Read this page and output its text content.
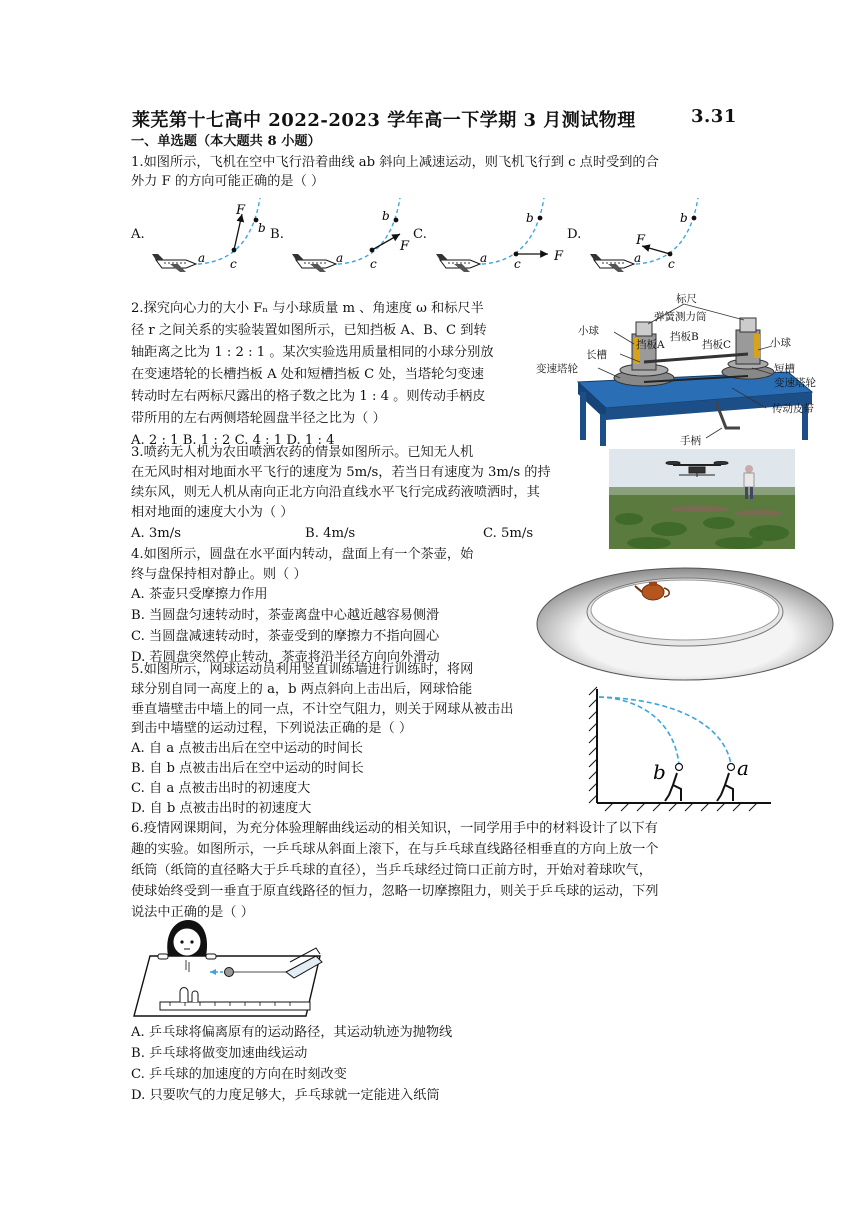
莱芜第十七高中 2022-2023 学年高一下学期 3 月测试物理	3.31
一、单选题（本大题共 8 小题）
1.如图所示，飞机在空中飞行沿着曲线 ab 斜向上减速运动，则飞机飞行到 c 点时受到的合
外力 F 的方向可能正确的是（ ）
A.	B.	C.	D.
F
b
c
a
F
b
c
a	F
b
c
a
F
b
c
a
2.探究向心力的大小 Fₙ 与小球质量 m 、角速度 ω 和标尺半
径 r 之间关系的实验装置如图所示，已知挡板 A、B、C 到转
轴距离之比为 1 : 2 : 1 。某次实验选用质量相同的小球分别放
在变速塔轮的长槽挡板 A 处和短槽挡板 C 处，当塔轮匀变速
转动时左右两标尺露出的格子数之比为 1 : 4 。则传动手柄皮
带所用的左右两侧塔轮圆盘半径之比为（ ）
A. 2 : 1 B. 1 : 2 C. 4 : 1 D. 1 : 4
标尺
弹簧测力筒
小球	挡板B
挡板A	挡板C	小球
长槽
短槽
变速塔轮
变速塔轮
传动皮带
手柄
3.喷药无人机为农田喷洒农药的情景如图所示。已知无人机
在无风时相对地面水平飞行的速度为 5m/s，若当日有速度为 3m/s 的持
续东风，则无人机从南向正北方向沿直线水平飞行完成药液喷洒时，其
相对地面的速度大小为（ ）
A. 3m/s	B. 4m/s	C. 5m/s
4.如图所示，圆盘在水平面内转动，盘面上有一个茶壶，始
终与盘保持相对静止。则（ ）
A. 茶壶只受摩擦力作用
B. 当圆盘匀速转动时，茶壶离盘中心越近越容易侧滑
C. 当圆盘减速转动时，茶壶受到的摩擦力不指向圆心
D. 若圆盘突然停止转动，茶壶将沿半径方向向外滑动
5.如图所示，网球运动员利用竖直训练墙进行训练时，将网
球分别自同一高度上的 a，b 两点斜向上击出后，网球恰能
垂直墙壁击中墙上的同一点，不计空气阻力，则关于网球从被击出
到击中墙壁的运动过程，下列说法正确的是（ ）
A. 自 a 点被击出后在空中运动的时间长
B. 自 b 点被击出后在空中运动的时间长
C. 自 a 点被击出时的初速度大
D. 自 b 点被击出时的初速度大
b	a
6.疫情网课期间，为充分体验理解曲线运动的相关知识，一同学用手中的材料设计了以下有
趣的实验。如图所示，一乒乓球从斜面上滚下，在与乒乓球直线路径相垂直的方向上放一个
纸筒（纸筒的直径略大于乒乓球的直径），当乒乓球经过筒口正前方时，开始对着球吹气，
使球始终受到一垂直于原直线路径的恒力，忽略一切摩擦阻力，则关于乒乓球的运动，下列
说法中正确的是（ ）
A. 乒乓球将偏离原有的运动路径，其运动轨迹为抛物线
B. 乒乓球将做变加速曲线运动
C. 乒乓球的加速度的方向在时刻改变
D. 只要吹气的力度足够大，乒乓球就一定能进入纸筒
